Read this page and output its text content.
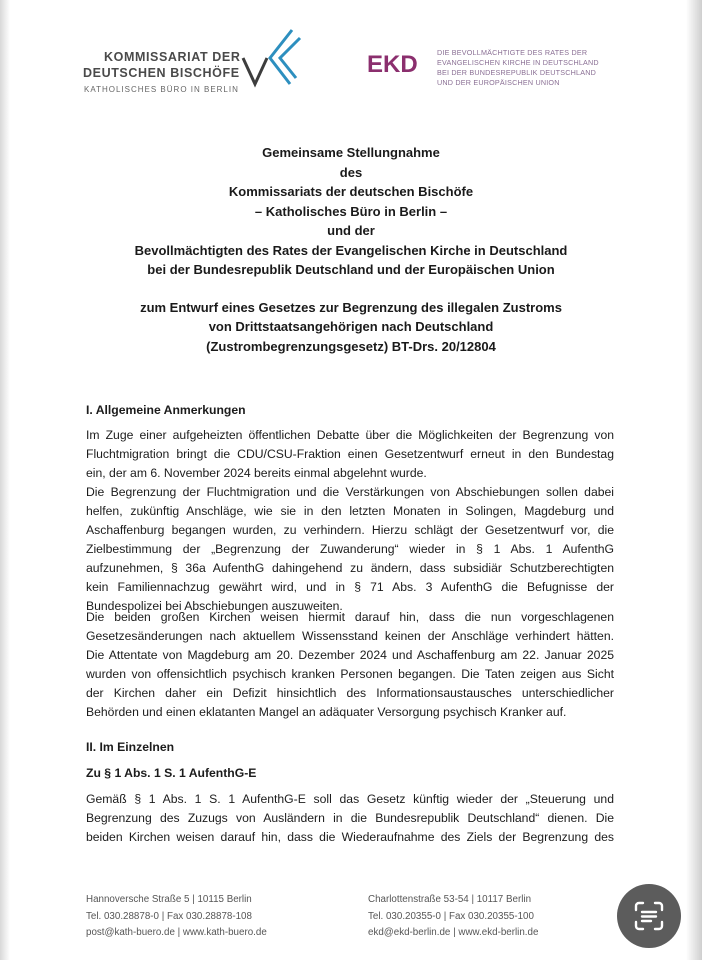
KOMMISSARIAT DER
DEUTSCHEN BISCHÖFE
KATHOLISCHES BÜRO IN BERLIN
EKD	DIE BEVOLLMÄCHTIGTE DES RATES DER
EVANGELISCHEN KIRCHE IN DEUTSCHLAND
BEI DER BUNDESREPUBLIK DEUTSCHLAND
UND DER EUROPÄISCHEN UNION
Gemeinsame Stellungnahme
des
Kommissariats der deutschen Bischöfe
– Katholisches Büro in Berlin –
und der
Bevollmächtigten des Rates der Evangelischen Kirche in Deutschland
bei der Bundesrepublik Deutschland und der Europäischen Union
zum Entwurf eines Gesetzes zur Begrenzung des illegalen Zustroms
von Drittstaatsangehörigen nach Deutschland
(Zustrombegrenzungsgesetz) BT-Drs. 20/12804
I. Allgemeine Anmerkungen
Im Zuge einer aufgeheizten öffentlichen Debatte über die Möglichkeiten der Begrenzung von
Fluchtmigration bringt die CDU/CSU-Fraktion einen Gesetzentwurf erneut in den Bundestag
ein, der am 6. November 2024 bereits einmal abgelehnt wurde.
Die Begrenzung der Fluchtmigration und die Verstärkungen von Abschiebungen sollen dabei
helfen, zukünftig Anschläge, wie sie in den letzten Monaten in Solingen, Magdeburg und
Aschaffenburg begangen wurden, zu verhindern. Hierzu schlägt der Gesetzentwurf vor, die
Zielbestimmung der „Begrenzung der Zuwanderung“ wieder in § 1 Abs. 1 AufenthG
aufzunehmen, § 36a AufenthG dahingehend zu ändern, dass subsidiär Schutzberechtigten
kein Familiennachzug gewährt wird, und in § 71 Abs. 3 AufenthG die Befugnisse der
Bundespolizei bei Abschiebungen auszuweiten.
Die beiden großen Kirchen weisen hiermit darauf hin, dass die nun vorgeschlagenen
Gesetzesänderungen nach aktuellem Wissensstand keinen der Anschläge verhindert hätten.
Die Attentate von Magdeburg am 20. Dezember 2024 und Aschaffenburg am 22. Januar 2025
wurden von offensichtlich psychisch kranken Personen begangen. Die Taten zeigen aus Sicht
der Kirchen daher ein Defizit hinsichtlich des Informationsaustausches unterschiedlicher
Behörden und einen eklatanten Mangel an adäquater Versorgung psychisch Kranker auf.
II. Im Einzelnen
Zu § 1 Abs. 1 S. 1 AufenthG-E
Gemäß § 1 Abs. 1 S. 1 AufenthG-E soll das Gesetz künftig wieder der „Steuerung und
Begrenzung des Zuzugs von Ausländern in die Bundesrepublik Deutschland“ dienen. Die
beiden Kirchen weisen darauf hin, dass die Wiederaufnahme des Ziels der Begrenzung des
Hannoversche Straße 5 | 10115 Berlin
Tel. 030.28878-0 | Fax 030.28878-108
post@kath-buero.de | www.kath-buero.de
Charlottenstraße 53-54 | 10117 Berlin
Tel. 030.20355-0 | Fax 030.20355-100
ekd@ekd-berlin.de | www.ekd-berlin.de
